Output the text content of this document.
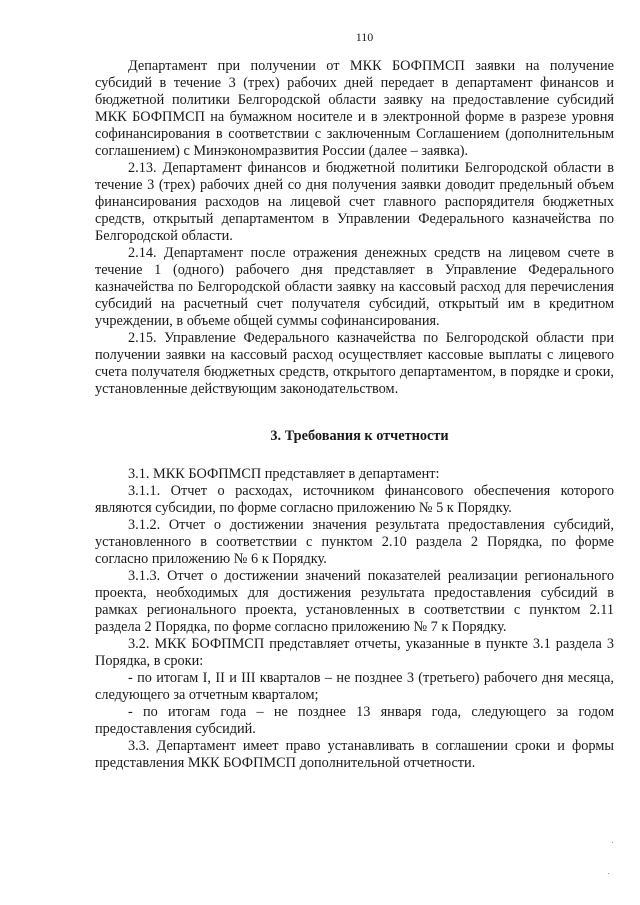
110

Департамент при получении от МКК БОФПМСП заявки на получение субсидий в течение 3 (трех) рабочих дней передает в департамент финансов и бюджетной политики Белгородской области заявку на предоставление субсидий МКК БОФПМСП на бумажном носителе и в электронной форме в разрезе уровня софинансирования в соответствии с заключенным Соглашением (дополнительным соглашением) с Минэкономразвития России (далее – заявка).

2.13. Департамент финансов и бюджетной политики Белгородской области в течение 3 (трех) рабочих дней со дня получения заявки доводит предельный объем финансирования расходов на лицевой счет главного распорядителя бюджетных средств, открытый департаментом в Управлении Федерального казначейства по Белгородской области.

2.14. Департамент после отражения денежных средств на лицевом счете в течение 1 (одного) рабочего дня представляет в Управление Федерального казначейства по Белгородской области заявку на кассовый расход для перечисления субсидий на расчетный счет получателя субсидий, открытый им в кредитном учреждении, в объеме общей суммы софинансирования.

2.15. Управление Федерального казначейства по Белгородской области при получении заявки на кассовый расход осуществляет кассовые выплаты с лицевого счета получателя бюджетных средств, открытого департаментом, в порядке и сроки, установленные действующим законодательством.

3. Требования к отчетности

3.1. МКК БОФПМСП представляет в департамент:

3.1.1. Отчет о расходах, источником финансового обеспечения которого являются субсидии, по форме согласно приложению № 5 к Порядку.

3.1.2. Отчет о достижении значения результата предоставления субсидий, установленного в соответствии с пунктом 2.10 раздела 2 Порядка, по форме согласно приложению № 6 к Порядку.

3.1.3. Отчет о достижении значений показателей реализации регионального проекта, необходимых для достижения результата предоставления субсидий в рамках регионального проекта, установленных в соответствии с пунктом 2.11 раздела 2 Порядка, по форме согласно приложению № 7 к Порядку.

3.2. МКК БОФПМСП представляет отчеты, указанные в пункте 3.1 раздела 3 Порядка, в сроки:

- по итогам I, II и III кварталов – не позднее 3 (третьего) рабочего дня месяца, следующего за отчетным кварталом;

- по итогам года – не позднее 13 января года, следующего за годом предоставления субсидий.

3.3. Департамент имеет право устанавливать в соглашении сроки и формы представления МКК БОФПМСП дополнительной отчетности.
